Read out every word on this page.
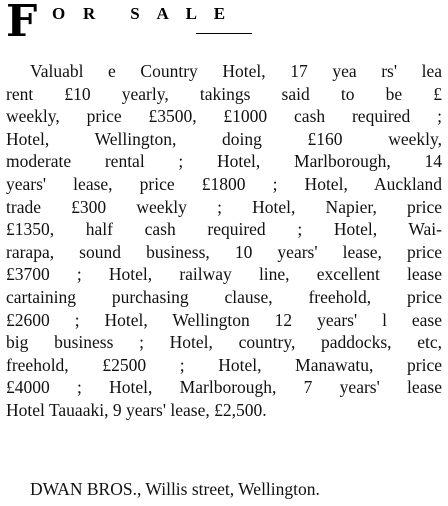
F O   R      S   A   L   E
Valuabl e Country Hotel, 17 yea rs' lea
rent £10 yearly, takings said to be £
weekly, price £3500, £1000 cash required ;
Hotel, Wellington, doing £160 weekly,
moderate rental ; Hotel, Marlborough, 14
years' lease, price £1800 ; Hotel, Auckland
trade £300 weekly ; Hotel, Napier, price
£1350, half cash required ; Hotel, Wai-
rarapa, sound business, 10 years' lease, price
£3700 ; Hotel, railway line, excellent lease
cartaining purchasing clause, freehold, price
£2600 ; Hotel, Wellington 12 years' l ease
big business ; Hotel, country, paddocks, etc,
freehold, £2500 ; Hotel, Manawatu, price
£4000 ; Hotel, Marlborough, 7 years' lease
Hotel Tauaaki, 9 years' lease, £2,500.
DWAN BROS., Willis street, Wellington.
